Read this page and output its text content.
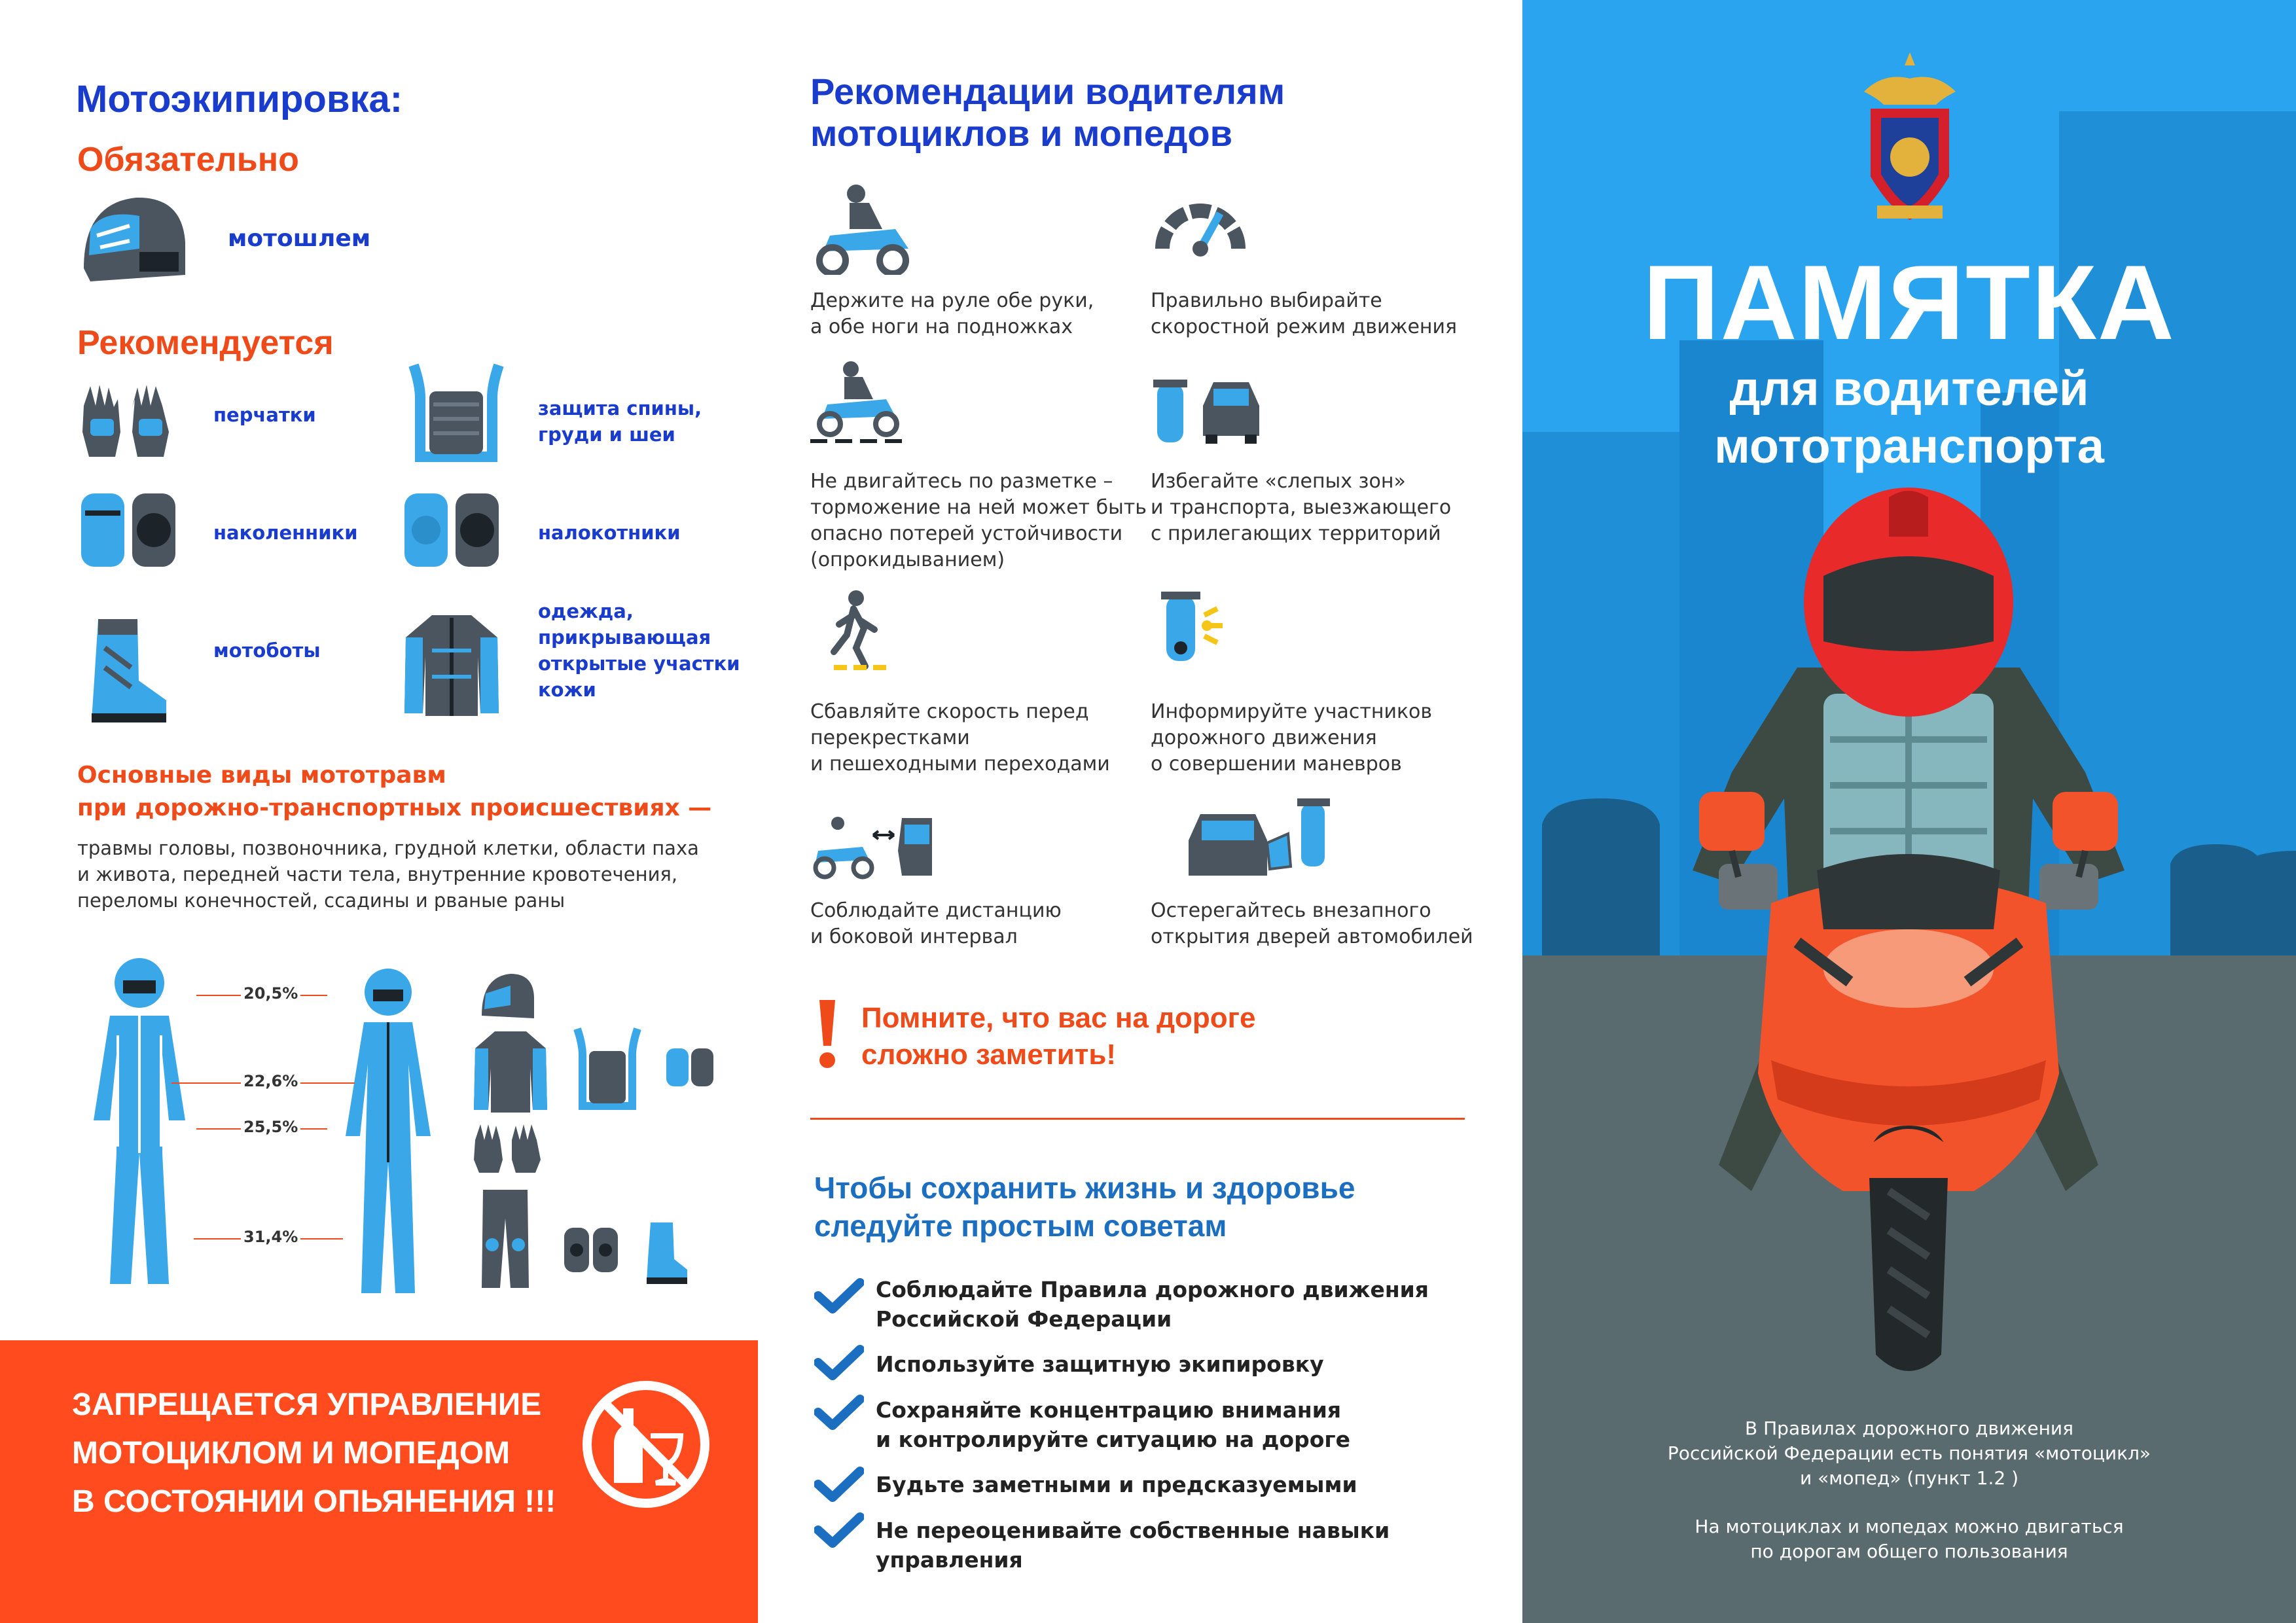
Мотоэкипировка:
Обязательно
мотошлем
Рекомендуется
перчатки	защита спины,
груди и шеи
наколенники	налокотники
мотоботы
одежда,
прикрывающая
открытые участки
кожи
Основные виды мототравм
при дорожно-транспортных происшествиях —
травмы головы, позвоночника, грудной клетки, области паха
и живота, передней части тела, внутренние кровотечения,
переломы конечностей, ссадины и рваные раны
20,5%
22,6%
25,5%
31,4%
ЗАПРЕЩАЕТСЯ УПРАВЛЕНИЕ
МОТОЦИКЛОМ И МОПЕДОМ
В СОСТОЯНИИ ОПЬЯНЕНИЯ !!!
Рекомендации водителям
мотоциклов и мопедов
Держите на руле обе руки,
а обе ноги на подножках
Правильно выбирайте
скоростной режим движения
Не двигайтесь по разметке –
торможение на ней может быть
опасно потерей устойчивости
(опрокидыванием)
Избегайте «слепых зон»
и транспорта, выезжающего
с прилегающих территорий
Сбавляйте скорость перед
перекрестками
и пешеходными переходами
Информируйте участников
дорожного движения
о совершении маневров
Соблюдайте дистанцию
и боковой интервал
Остерегайтесь внезапного
открытия дверей автомобилей
Помните, что вас на дороге
сложно заметить!
Чтобы сохранить жизнь и здоровье
следуйте простым советам
Соблюдайте Правила дорожного движения
Российской Федерации
Используйте защитную экипировку
Сохраняйте концентрацию внимания
и контролируйте ситуацию на дороге
Будьте заметными и предсказуемыми
Не переоценивайте собственные навыки
управления
ПАМЯТКА
для водителей
мототранспорта
В Правилах дорожного движения
Российской Федерации есть понятия «мотоцикл»
и «мопед» (пункт 1.2 )
На мотоциклах и мопедах можно двигаться
по дорогам общего пользования
